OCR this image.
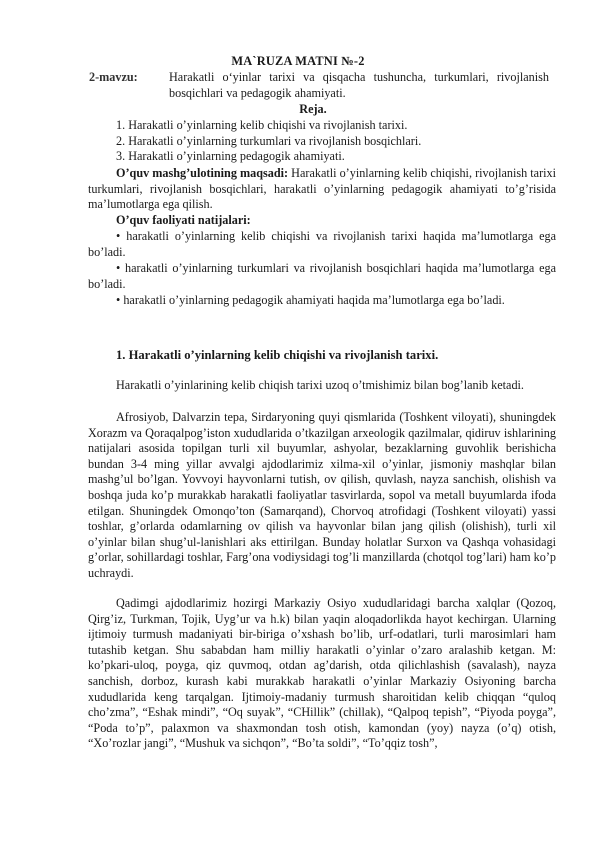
MA`RUZA MATNI №-2
2-mavzu:	Harakatli o‘yinlar tarixi va qisqacha tushuncha, turkumlari, rivojlanish bosqichlari va pedagogik ahamiyati.
Reja.
1. Harakatli o’yinlarning kelib chiqishi va rivojlanish tarixi.
2. Harakatli o’yinlarning turkumlari va rivojlanish bosqichlari.
3. Harakatli o’yinlarning pedagogik ahamiyati.
O’quv mashg’ulotining maqsadi: Harakatli o’yinlarning kelib chiqishi, rivojlanish tarixi turkumlari, rivojlanish bosqichlari, harakatli o’yinlarning pedagogik ahamiyati to’g’risida ma’lumotlarga ega qilish.
O’quv faoliyati natijalari:
• harakatli o’yinlarning kelib chiqishi va rivojlanish tarixi haqida ma’lumotlarga ega bo’ladi.
• harakatli o’yinlarning turkumlari va rivojlanish bosqichlari haqida ma’lumotlarga ega bo’ladi.
• harakatli o’yinlarning pedagogik ahamiyati haqida ma’lumotlarga ega bo’ladi.
1. Harakatli o’yinlarning kelib chiqishi va rivojlanish tarixi.
Harakatli o’yinlarining kelib chiqish tarixi uzoq o’tmishimiz bilan bog’lanib ketadi.
Afrosiyob, Dalvarzin tepa, Sirdaryoning quyi qismlarida (Toshkent viloyati), shuningdek Xorazm va Qoraqalpog’iston xududlarida o’tkazilgan arxeologik qazilmalar, qidiruv ishlarining natijalari asosida topilgan turli xil buyumlar, ashyolar, bezaklarning guvohlik berishicha bundan 3-4 ming yillar avvalgi ajdodlarimiz xilma-xil o’yinlar, jismoniy mashqlar bilan mashg’ul bo’lgan. Yovvoyi hayvonlarni tutish, ov qilish, quvlash, nayza sanchish, olishish va boshqa juda ko’p murakkab harakatli faoliyatlar tasvirlarda, sopol va metall buyumlarda ifoda etilgan. Shuningdek Omonqo’ton (Samarqand), Chorvoq atrofidagi (Toshkent viloyati) yassi toshlar, g’orlarda odamlarning ov qilish va hayvonlar bilan jang qilish (olishish), turli xil o’yinlar bilan shug’ul-lanishlari aks ettirilgan. Bunday holatlar Surxon va Qashqa vohasidagi g’orlar, sohillardagi toshlar, Farg’ona vodiysidagi tog’li manzillarda (chotqol tog’lari) ham ko’p uchraydi.
Qadimgi ajdodlarimiz hozirgi Markaziy Osiyo xududlaridagi barcha xalqlar (Qozoq, Qirg’iz, Turkman, Tojik, Uyg’ur va h.k) bilan yaqin aloqadorlikda hayot kechirgan. Ularning ijtimoiy turmush madaniyati bir-biriga o’xshash bo’lib, urf-odatlari, turli marosimlari ham tutashib ketgan. Shu sababdan ham milliy harakatli o’yinlar o’zaro aralashib ketgan. M: ko’pkari-uloq, poyga, qiz quvmoq, otdan ag’darish, otda qilichlashish (savalash), nayza sanchish, dorboz, kurash kabi murakkab harakatli o’yinlar Markaziy Osiyoning barcha xududlarida keng tarqalgan. Ijtimoiy-madaniy turmush sharoitidan kelib chiqqan “quloq cho’zma”, “Eshak mindi”, “Oq suyak”, “CHillik” (chillak), “Qalpoq tepish”, “Piyoda poyga”, “Poda to’p”, palaxmon va shaxmondan tosh otish, kamondan (yoy) nayza (o’q) otish, “Xo’rozlar jangi”, “Mushuk va sichqon”, “Bo’ta soldi”, “To’qqiz tosh”,
